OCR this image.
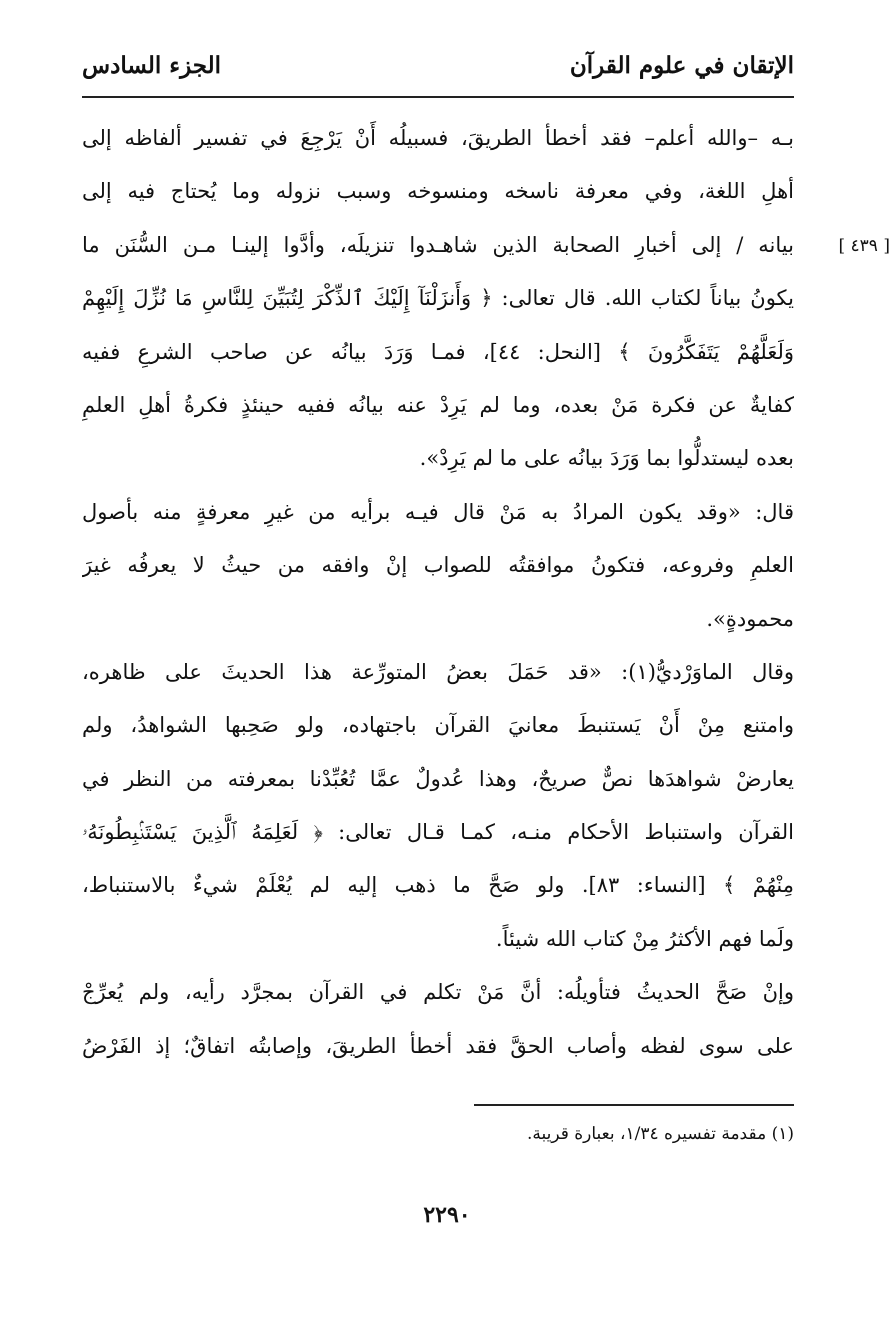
الإتقان في علوم القرآن
الجزء السادس
[ ٤٣٩ ]
بـه –والله أعلم– فقد أخطأ الطريقَ، فسبيلُه أَنْ يَرْجِعَ في تفسير ألفاظه إلى
أهلِ اللغة، وفي معرفة ناسخه ومنسوخه وسبب نزوله وما يُحتاج فيه إلى
بيانه / إلى أخبارِ الصحابة الذين شاهـدوا تنزيلَه، وأدَّوا إلينـا مـن السُّنَن ما
يكونُ بياناً لكتاب الله. قال تعالى: ﴿ وَأَنزَلْنَآ إِلَيْكَ ٱلذِّكْرَ لِتُبَيِّنَ لِلنَّاسِ مَا نُزِّلَ إِلَيْهِمْ
وَلَعَلَّهُمْ يَتَفَكَّرُونَ ﴾ [النحل: ٤٤]، فمـا وَرَدَ بيانُه عن صاحب الشرعِ ففيه
كفايةٌ عن فكرة مَنْ بعده، وما لم يَرِدْ عنه بيانُه ففيه حينئذٍ فكرةُ أهلِ العلمِ
بعده ليستدلُّوا بما وَرَدَ بيانُه على ما لم يَرِدْ».
قال: «وقد يكون المرادُ به مَنْ قال فيـه برأيه من غيرِ معرفةٍ منه بأصول
العلمِ وفروعه، فتكونُ موافقتُه للصواب إنْ وافقه من حيثُ لا يعرفُه غيرَ
محمودةٍ».
وقال الماوَرْديُّ(١): «قد حَمَلَ بعضُ المتورِّعة هذا الحديثَ على ظاهره،
وامتنع مِنْ أَنْ يَستنبطَ معانيَ القرآن باجتهاده، ولو صَحِبها الشواهدُ، ولم
يعارضْ شواهدَها نصٌّ صريحٌ، وهذا عُدولٌ عمَّا تُعُبِّدْنا بمعرفته من النظر في
القرآن واستنباط الأحكام منـه، كمـا قـال تعالى: ﴿ لَعَلِمَهُ ٱلَّذِينَ يَسْتَنۢبِطُونَهُۥ
مِنْهُمْ ﴾ [النساء: ٨٣]. ولو صَحَّ ما ذهب إليه لم يُعْلَمْ شيءٌ بالاستنباط،
ولَما فهم الأكثرُ مِنْ كتاب الله شيئاً.
وإنْ صَحَّ الحديثُ فتأويلُه: أنَّ مَنْ تكلم في القرآن بمجرَّد رأيه، ولم يُعرِّجْ
على سوى لفظه وأصاب الحقَّ فقد أخطأ الطريقَ، وإصابتُه اتفاقٌ؛ إذ الفَرْضُ
(١) مقدمة تفسيره ١/٣٤، بعبارة قريبة.
٢٢٩٠
